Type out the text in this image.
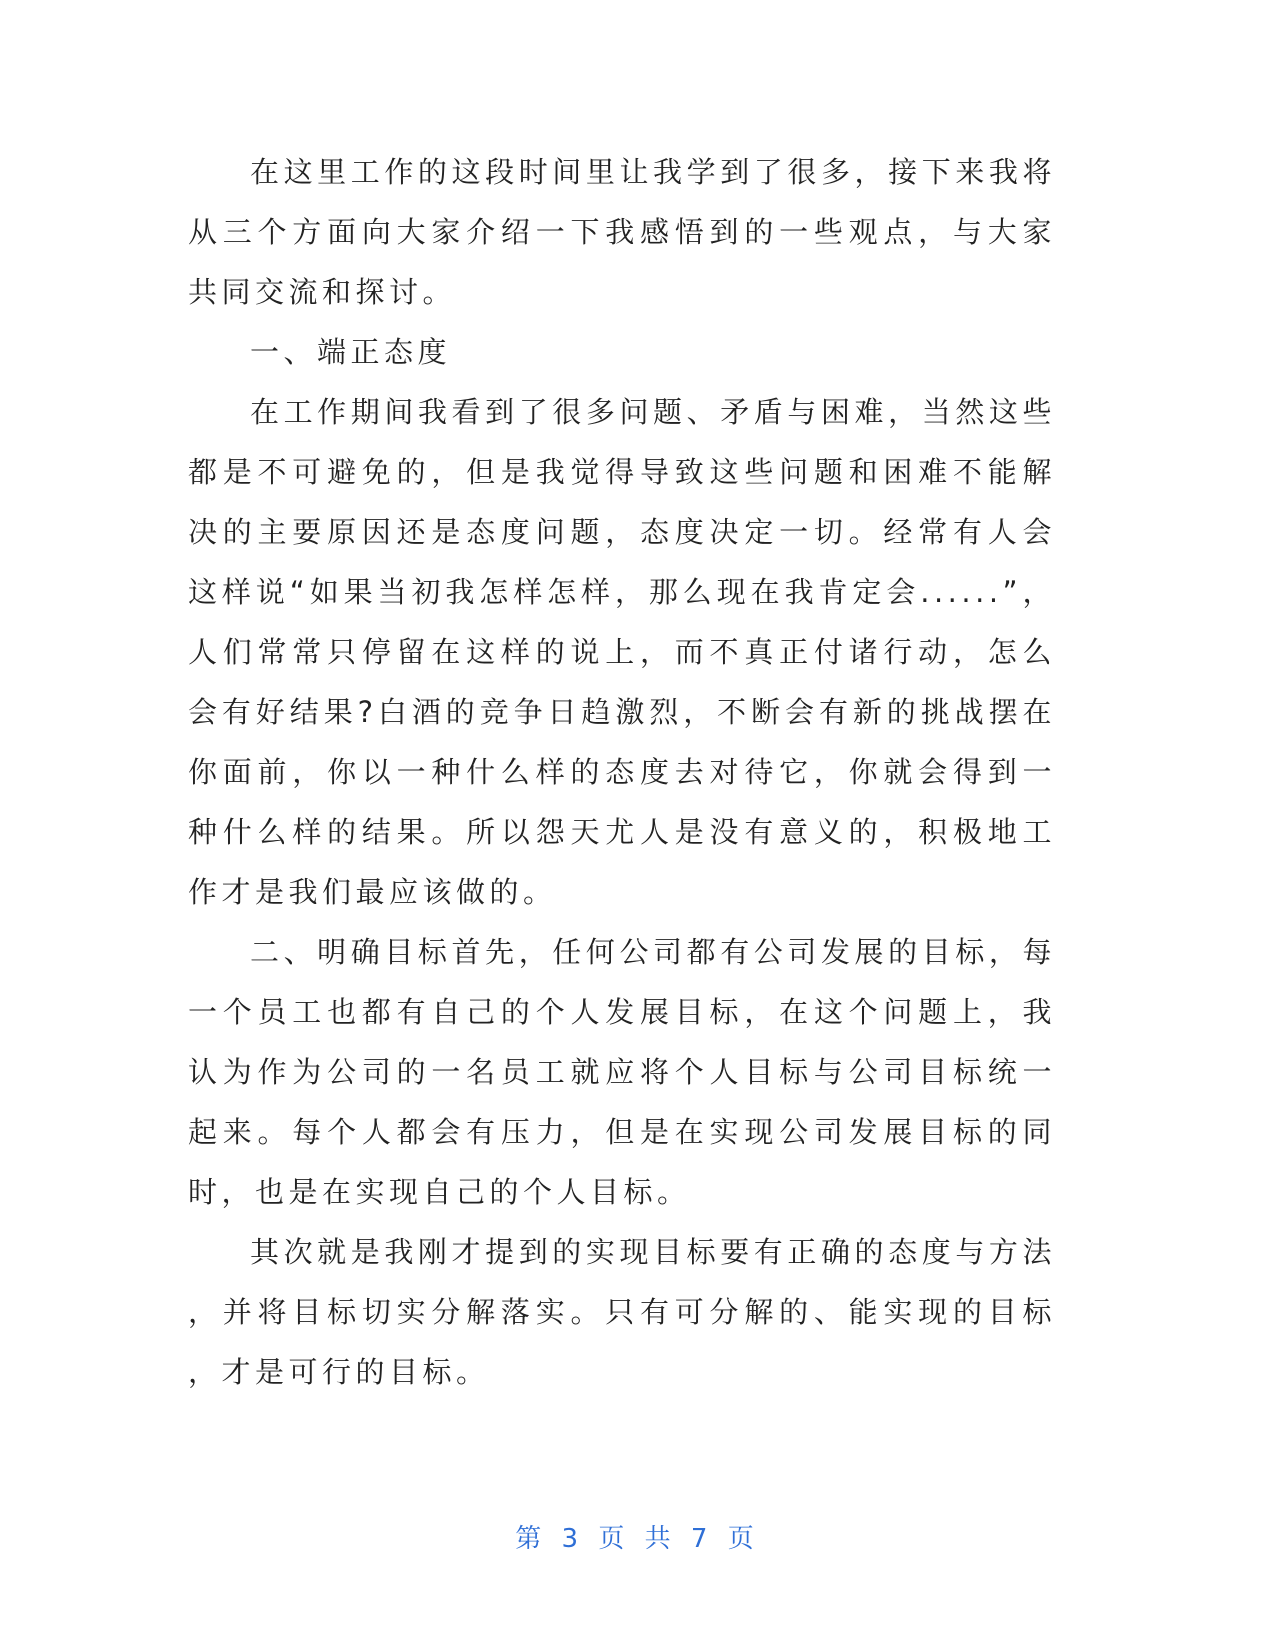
在这里工作的这段时间里让我学到了很多，接下来我将从三个方面向大家介绍一下我感悟到的一些观点，与大家共同交流和探讨。

一、端正态度

在工作期间我看到了很多问题、矛盾与困难，当然这些都是不可避免的，但是我觉得导致这些问题和困难不能解决的主要原因还是态度问题，态度决定一切。经常有人会这样说“如果当初我怎样怎样，那么现在我肯定会......”，人们常常只停留在这样的说上，而不真正付诸行动，怎么会有好结果?白酒的竞争日趋激烈，不断会有新的挑战摆在你面前，你以一种什么样的态度去对待它，你就会得到一种什么样的结果。所以怨天尤人是没有意义的，积极地工作才是我们最应该做的。

二、明确目标首先，任何公司都有公司发展的目标，每一个员工也都有自己的个人发展目标，在这个问题上，我认为作为公司的一名员工就应将个人目标与公司目标统一起来。每个人都会有压力，但是在实现公司发展目标的同时，也是在实现自己的个人目标。

其次就是我刚才提到的实现目标要有正确的态度与方法，并将目标切实分解落实。只有可分解的、能实现的目标，才是可行的目标。

第 3 页 共 7 页
